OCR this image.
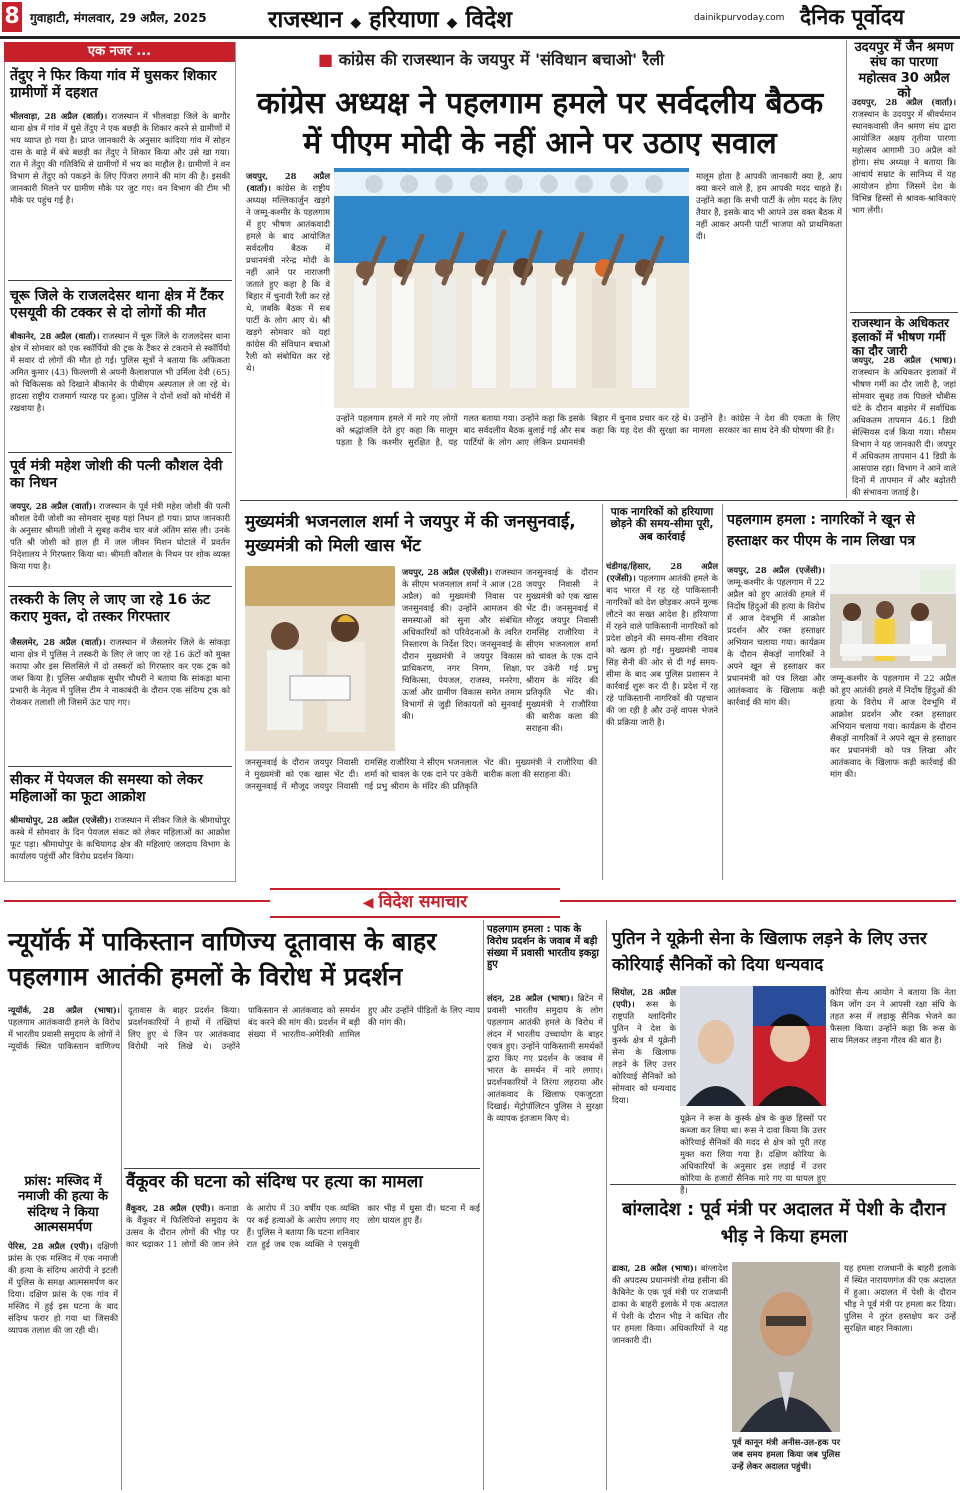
8 गुवाहाटी, मंगलवार, 29 अप्रैल, 2025	राजस्थान ◆ हरियाणा ◆ विदेश	dainikpurvoday.com दैनिक पूर्वोदय
एक नजर ...
तेंदुए ने फिर किया गांव में घुसकर शिकार ग्रामीणों में दहशत
भीलवाड़ा, 28 अप्रैल (वार्ता)। राजस्थान में भीलवाड़ा जिले के बागौर थाना क्षेत्र में गांव में घुसे तेंदुए ने एक बछड़ी के शिकार करने से ग्रामीणों में भय व्याप्त हो गया है। प्राप्त जानकारी के अनुसार कांदिया गांव में सोहन दास के बाड़े में बंधे बछड़ी का तेंदुए ने शिकार किया और उसे खा गया। रात में तेंदुए की गतिविधि से ग्रामीणों में भय का माहौल है। ग्रामीणों ने वन विभाग से तेंदुए को पकड़ने के लिए पिंजरा लगाने की मांग की है। इसकी जानकारी मिलने पर ग्रामीण मौके पर जुट गए। वन विभाग की टीम भी मौके पर पहुंच गई है।
चूरू जिले के राजलदेसर थाना क्षेत्र में टैंकर एसयूवी की टक्कर से दो लोगों की मौत
बीकानेर, 28 अप्रैल (वार्ता)। राजस्थान में चूरू जिले के राजलदेसर थाना क्षेत्र में सोमवार को एक स्कॉर्पियो की ट्रक के टैंकर से टकराने से स्कॉर्पियो में सवार दो लोगों की मौत हो गई। पुलिस सूत्रों ने बताया कि अफिकता अमित कुमार (43) फिल्लणी से अपनी कैलाशपाल भी उर्मिला देवी (65) को चिकित्सक को दिखाने बीकानेर के पीबीएम अस्पताल ले जा रहे थे। हादसा राष्ट्रीय राजमार्ग ग्यारह पर हुआ। पुलिस ने दोनों शवों को मोर्चरी में रखवाया है।
पूर्व मंत्री महेश जोशी की पत्नी कौशल देवी का निधन
जयपुर, 28 अप्रैल (वार्ता)। राजस्थान के पूर्व मंत्री महेश जोशी की पत्नी कौशल देवी जोशी का सोमवार सुबह यहां निधन हो गया। प्राप्त जानकारी के अनुसार श्रीमती जोशी ने सुबह करीब चार बजे अंतिम सांस ली। उनके पति श्री जोशी को हाल ही में जल जीवन मिशन घोटाले में प्रवर्तन निदेशालय ने गिरफ्तार किया था। श्रीमती कौशल के निधन पर शोक व्यक्त किया गया है।
तस्करी के लिए ले जाए जा रहे 16 ऊंट कराए मुक्त, दो तस्कर गिरफ्तार
जैसलमेर, 28 अप्रैल (वार्ता)। राजस्थान में जैसलमेर जिले के सांकड़ा थाना क्षेत्र में पुलिस ने तस्करी के लिए ले जाए जा रहे 16 ऊंटों को मुक्त कराया और इस सिलसिले में दो तस्करों को गिरफ्तार कर एक ट्रक को जब्त किया है। पुलिस अधीक्षक सुधीर चौधरी ने बताया कि सांकड़ा थाना प्रभारी के नेतृत्व में पुलिस टीम ने नाकाबंदी के दौरान एक संदिग्ध ट्रक को रोककर तलाशी ली जिसमें ऊंट पाए गए।
सीकर में पेयजल की समस्या को लेकर महिलाओं का फूटा आक्रोश
श्रीमाधोपुर, 28 अप्रैल (एजेंसी)। राजस्थान में सीकर जिले के श्रीमाधोपुर कस्बे में सोमवार के दिन पेयजल संकट को लेकर महिलाओं का आक्रोश फूट पड़ा। श्रीमाधोपुर के कचियागढ़ क्षेत्र की महिलाएं जलदाय विभाग के कार्यालय पहुंचीं और विरोध प्रदर्शन किया।
■ कांग्रेस की राजस्थान के जयपुर में 'संविधान बचाओ' रैली
कांग्रेस अध्यक्ष ने पहलगाम हमले पर सर्वदलीय बैठक में पीएम मोदी के नहीं आने पर उठाए सवाल
जयपुर, 28 अप्रैल (वार्ता)। कांग्रेस के राष्ट्रीय अध्यक्ष मल्लिकार्जुन खड़गे ने जम्मू-कश्मीर के पहलगाम में हुए भीषण आतंकवादी हमले के बाद आयोजित सर्वदलीय बैठक में प्रधानमंत्री नरेन्द्र मोदी के नहीं आने पर नाराजगी जताते हुए कहा है कि वे बिहार में चुनावी रैली कर रहे थे, जबकि बैठक में सब पार्टी के लोग आए थे। श्री खड़गे सोमवार को यहां कांग्रेस की संविधान बचाओ रैली को संबोधित कर रहे थे।
मालूम होता है आपकी जानकारी क्या है, आप क्या करने वाले हैं, हम आपकी मदद चाहते हैं। उन्होंने कहा कि सभी पार्टी के लोग मदद के लिए तैयार हैं, इसके बाद भी आपने उस वक्त बैठक में नहीं आकर अपनी पार्टी भाजपा को प्राथमिकता दी।
उन्होंने पहलगाम हमले में मारे गए लोगों को श्रद्धांजलि देते हुए कहा कि मालूम पड़ता है कि कश्मीर सुरक्षित है, यह गलत बताया गया। उन्होंने कहा कि इसके बाद सर्वदलीय बैठक बुलाई गई और सब पार्टियों के लोग आए लेकिन प्रधानमंत्री बिहार में चुनाव प्रचार कर रहे थे। उन्होंने कहा कि यह देश की सुरक्षा का मामला है। कांग्रेस ने देश की एकता के लिए सरकार का साथ देने की घोषणा की है।
उदयपुर में जैन श्रमण संघ का पारणा महोत्सव 30 अप्रैल को
उदयपुर, 28 अप्रैल (वार्ता)। राजस्थान के उदयपुर में श्रीवर्धमान स्थानकवासी जैन श्रमण संघ द्वारा आयोजित अक्षय तृतीया पारणा महोत्सव आगामी 30 अप्रैल को होगा। संघ अध्यक्ष ने बताया कि आचार्य सम्राट के सानिध्य में यह आयोजन होगा जिसमें देश के विभिन्न हिस्सों से श्रावक-श्राविकाएं भाग लेंगी।
राजस्थान के अधिकतर इलाकों में भीषण गर्मी का दौर जारी
जयपुर, 28 अप्रैल (भाषा)। राजस्थान के अधिकतर इलाकों में भीषण गर्मी का दौर जारी है, जहां सोमवार सुबह तक पिछले चौबीस घंटे के दौरान बाड़मेर में सर्वाधिक अधिकतम तापमान 46.1 डिग्री सेल्सियस दर्ज किया गया। मौसम विभाग ने यह जानकारी दी। जयपुर में अधिकतम तापमान 41 डिग्री के आसपास रहा। विभाग ने आने वाले दिनों में तापमान में और बढ़ोतरी की संभावना जताई है।
मुख्यमंत्री भजनलाल शर्मा ने जयपुर में की जनसुनवाई, मुख्यमंत्री को मिली खास भेंट
जयपुर, 28 अप्रैल (एजेंसी)। राजस्थान के सीएम भजनलाल शर्मा ने आज (28 अप्रैल) को मुख्यमंत्री निवास पर जनसुनवाई की। उन्होंने आमजन की समस्याओं को सुना और संबंधित अधिकारियों को परिवेदनाओं के त्वरित निस्तारण के निर्देश दिए। जनसुनवाई के दौरान मुख्यमंत्री ने जयपुर विकास प्राधिकरण, नगर निगम, शिक्षा, चिकित्सा, पेयजल, राजस्व, मनरेगा, ऊर्जा और ग्रामीण विकास समेत तमाम विभागों से जुड़ी शिकायतों को सुनवाई की।
जनसुनवाई के दौरान जयपुर निवासी ने मुख्यमंत्री को एक खास भेंट दी। जनसुनवाई में मौजूद जयपुर निवासी रामसिंह राजौरिया ने सीएम भजनलाल शर्मा को चावल के एक दाने पर उकेरी गई प्रभु श्रीराम के मंदिर की प्रतिकृति भेंट की। मुख्यमंत्री ने राजौरिया की बारीक कला की सराहना की।
जनसुनवाई के दौरान जयपुर निवासी ने मुख्यमंत्री को एक खास भेंट दी। जनसुनवाई में मौजूद जयपुर निवासी रामसिंह राजौरिया ने सीएम भजनलाल शर्मा को चावल के एक दाने पर उकेरी गई प्रभु श्रीराम के मंदिर की प्रतिकृति भेंट की। मुख्यमंत्री ने राजौरिया की बारीक कला की सराहना की।
पाक नागरिकों को हरियाणा छोड़ने की समय-सीमा पूरी, अब कार्रवाई
चंडीगढ़/हिसार, 28 अप्रैल (एजेंसी)। पहलगाम आतंकी हमले के बाद भारत में रह रहे पाकिस्तानी नागरिकों को देश छोड़कर अपने मुल्क लौटने का सख्त आदेश है। हरियाणा में रहने वाले पाकिस्तानी नागरिकों को प्रदेश छोड़ने की समय-सीमा रविवार को खत्म हो गई। मुख्यमंत्री नायब सिंह सैनी की ओर से दी गई समय-सीमा के बाद अब पुलिस प्रशासन ने कार्रवाई शुरू कर दी है। प्रदेश में रह रहे पाकिस्तानी नागरिकों की पहचान की जा रही है और उन्हें वापस भेजने की प्रक्रिया जारी है।
पहलगाम हमला : नागरिकों ने खून से हस्ताक्षर कर पीएम के नाम लिखा पत्र
जयपुर, 28 अप्रैल (एजेंसी)। जम्मू-कश्मीर के पहलगाम में 22 अप्रैल को हुए आतंकी हमले में निर्दोष हिंदुओं की हत्या के विरोध में आज देवभूमि में आक्रोश प्रदर्शन और रक्त हस्ताक्षर अभियान चलाया गया। कार्यक्रम के दौरान सैकड़ों नागरिकों ने अपने खून से हस्ताक्षर कर प्रधानमंत्री को पत्र लिखा और आतंकवाद के खिलाफ कड़ी कार्रवाई की मांग की।
जम्मू-कश्मीर के पहलगाम में 22 अप्रैल को हुए आतंकी हमले में निर्दोष हिंदुओं की हत्या के विरोध में आज देवभूमि में आक्रोश प्रदर्शन और रक्त हस्ताक्षर अभियान चलाया गया। कार्यक्रम के दौरान सैकड़ों नागरिकों ने अपने खून से हस्ताक्षर कर प्रधानमंत्री को पत्र लिखा और आतंकवाद के खिलाफ कड़ी कार्रवाई की मांग की।
◀ विदेश समाचार
न्यूयॉर्क में पाकिस्तान वाणिज्य दूतावास के बाहर पहलगाम आतंकी हमलों के विरोध में प्रदर्शन
न्यूयॉर्क, 28 अप्रैल (भाषा)। पहलगाम आतंकवादी हमले के विरोध में भारतीय प्रवासी समुदाय के लोगों ने न्यूयॉर्क स्थित पाकिस्तान वाणिज्य दूतावास के बाहर प्रदर्शन किया। प्रदर्शनकारियों ने हाथों में तख्तियां लिए हुए थे जिन पर आतंकवाद विरोधी नारे लिखे थे। उन्होंने पाकिस्तान से आतंकवाद को समर्थन बंद करने की मांग की। प्रदर्शन में बड़ी संख्या में भारतीय-अमेरिकी शामिल हुए और उन्होंने पीड़ितों के लिए न्याय की मांग की।
फ्रांस: मस्जिद में नमाजी की हत्या के संदिग्ध ने किया आत्मसमर्पण
पेरिस, 28 अप्रैल (एपी)। दक्षिणी फ्रांस के एक मस्जिद में एक नमाजी की हत्या के संदिग्ध आरोपी ने इटली में पुलिस के समक्ष आत्मसमर्पण कर दिया। दक्षिण फ्रांस के एक गांव में मस्जिद में हुई इस घटना के बाद संदिग्ध फरार हो गया था जिसकी व्यापक तलाश की जा रही थी।
वैंकूवर की घटना को संदिग्ध पर हत्या का मामला
वैंकूवर, 28 अप्रैल (एपी)। कनाडा के वैंकूवर में फिलिपिनो समुदाय के उत्सव के दौरान लोगों की भीड़ पर कार चढ़ाकर 11 लोगों की जान लेने के आरोप में 30 वर्षीय एक व्यक्ति पर कई हत्याओं के आरोप लगाए गए हैं। पुलिस ने बताया कि घटना शनिवार रात हुई जब एक व्यक्ति ने एसयूवी कार भीड़ में घुसा दी। घटना में कई लोग घायल हुए हैं।
पहलगाम हमला : पाक के विरोध प्रदर्शन के जवाब में बड़ी संख्या में प्रवासी भारतीय इकट्ठा हुए
लंदन, 28 अप्रैल (भाषा)। ब्रिटेन में प्रवासी भारतीय समुदाय के लोग पहलगाम आतंकी हमले के विरोध में लंदन में भारतीय उच्चायोग के बाहर एकत्र हुए। उन्होंने पाकिस्तानी समर्थकों द्वारा किए गए प्रदर्शन के जवाब में भारत के समर्थन में नारे लगाए। प्रदर्शनकारियों ने तिरंगा लहराया और आतंकवाद के खिलाफ एकजुटता दिखाई। मेट्रोपॉलिटन पुलिस ने सुरक्षा के व्यापक इंतजाम किए थे।
पुतिन ने यूक्रेनी सेना के खिलाफ लड़ने के लिए उत्तर कोरियाई सैनिकों को दिया धन्यवाद
सियोल, 28 अप्रैल (एपी)। रूस के राष्ट्रपति व्लादिमीर पुतिन ने देश के कुर्स्क क्षेत्र में यूक्रेनी सेना के खिलाफ लड़ने के लिए उत्तर कोरियाई सैनिकों को सोमवार को धन्यवाद दिया।
कोरिया सैन्य आयोग ने बताया कि नेता किम जोंग उन ने आपसी रक्षा संधि के तहत रूस में लड़ाकू सैनिक भेजने का फैसला किया। उन्होंने कहा कि रूस के साथ मिलकर लड़ना गौरव की बात है।
यूक्रेन ने रूस के कुर्स्क क्षेत्र के कुछ हिस्सों पर कब्जा कर लिया था। रूस ने दावा किया कि उत्तर कोरियाई सैनिकों की मदद से क्षेत्र को पूरी तरह मुक्त करा लिया गया है। दक्षिण कोरिया के अधिकारियों के अनुसार इस लड़ाई में उत्तर कोरिया के हजारों सैनिक मारे गए या घायल हुए हैं।
बांग्लादेश : पूर्व मंत्री पर अदालत में पेशी के दौरान भीड़ ने किया हमला
ढाका, 28 अप्रैल (भाषा)। बांग्लादेश की अपदस्थ प्रधानमंत्री शेख हसीना की कैबिनेट के एक पूर्व मंत्री पर राजधानी ढाका के बाहरी इलाके में एक अदालत में पेशी के दौरान भीड़ ने कथित तौर पर हमला किया। अधिकारियों ने यह जानकारी दी।
पूर्व कानून मंत्री अनीस-उल-हक पर जब समय हमला किया जब पुलिस उन्हें लेकर अदालत पहुंची।
यह हमला राजधानी के बाहरी इलाके में स्थित नारायणगंज की एक अदालत में हुआ। अदालत में पेशी के दौरान भीड़ ने पूर्व मंत्री पर हमला कर दिया। पुलिस ने तुरंत हस्तक्षेप कर उन्हें सुरक्षित बाहर निकाला।
